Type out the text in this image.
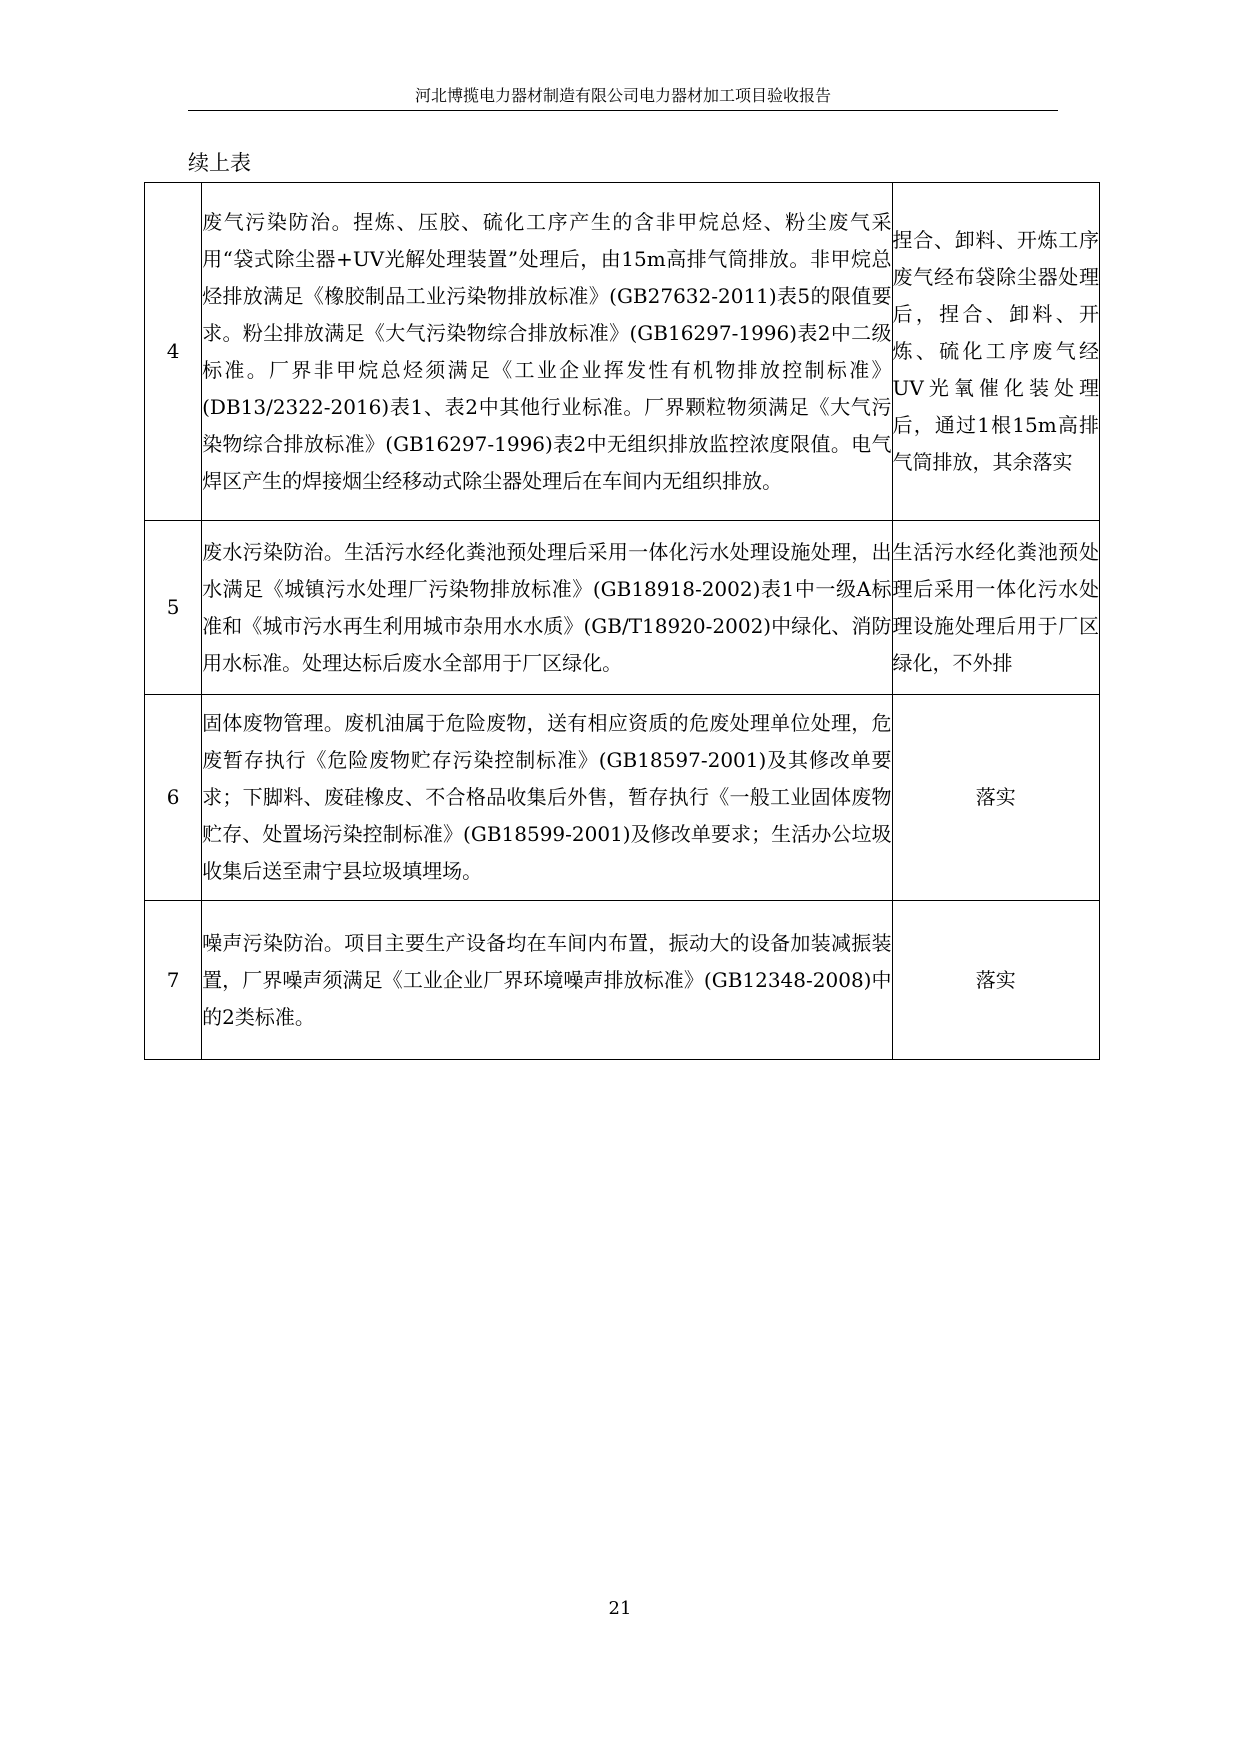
河北博揽电力器材制造有限公司电力器材加工项目验收报告
续上表
4	废气污染防治。捏炼、压胶、硫化工序产生的含非甲烷总烃、粉尘废气采用“袋式除尘器+UV光解处理装置”处理后，由15m高排气筒排放。非甲烷总烃排放满足《橡胶制品工业污染物排放标准》(GB27632-2011)表5的限值要求。粉尘排放满足《大气污染物综合排放标准》(GB16297-1996)表2中二级标准。厂界非甲烷总烃须满足《工业企业挥发性有机物排放控制标准》(DB13/2322-2016)表1、表2中其他行业标准。厂界颗粒物须满足《大气污染物综合排放标准》(GB16297-1996)表2中无组织排放监控浓度限值。电气焊区产生的焊接烟尘经移动式除尘器处理后在车间内无组织排放。	捏合、卸料、开炼工序废气经布袋除尘器处理后，捏合、卸料、开炼、硫化工序废气经UV光氧催化装处理后，通过1根15m高排气筒排放，其余落实
5	废水污染防治。生活污水经化粪池预处理后采用一体化污水处理设施处理，出水满足《城镇污水处理厂污染物排放标准》(GB18918-2002)表1中一级A标准和《城市污水再生利用城市杂用水水质》(GB/T18920-2002)中绿化、消防用水标准。处理达标后废水全部用于厂区绿化。	生活污水经化粪池预处理后采用一体化污水处理设施处理后用于厂区绿化，不外排
6	固体废物管理。废机油属于危险废物，送有相应资质的危废处理单位处理，危废暂存执行《危险废物贮存污染控制标准》(GB18597-2001)及其修改单要求；下脚料、废硅橡皮、不合格品收集后外售，暂存执行《一般工业固体废物贮存、处置场污染控制标准》(GB18599-2001)及修改单要求；生活办公垃圾收集后送至肃宁县垃圾填埋场。	落实
7	噪声污染防治。项目主要生产设备均在车间内布置，振动大的设备加装减振装置，厂界噪声须满足《工业企业厂界环境噪声排放标准》(GB12348-2008)中的2类标准。	落实
21
